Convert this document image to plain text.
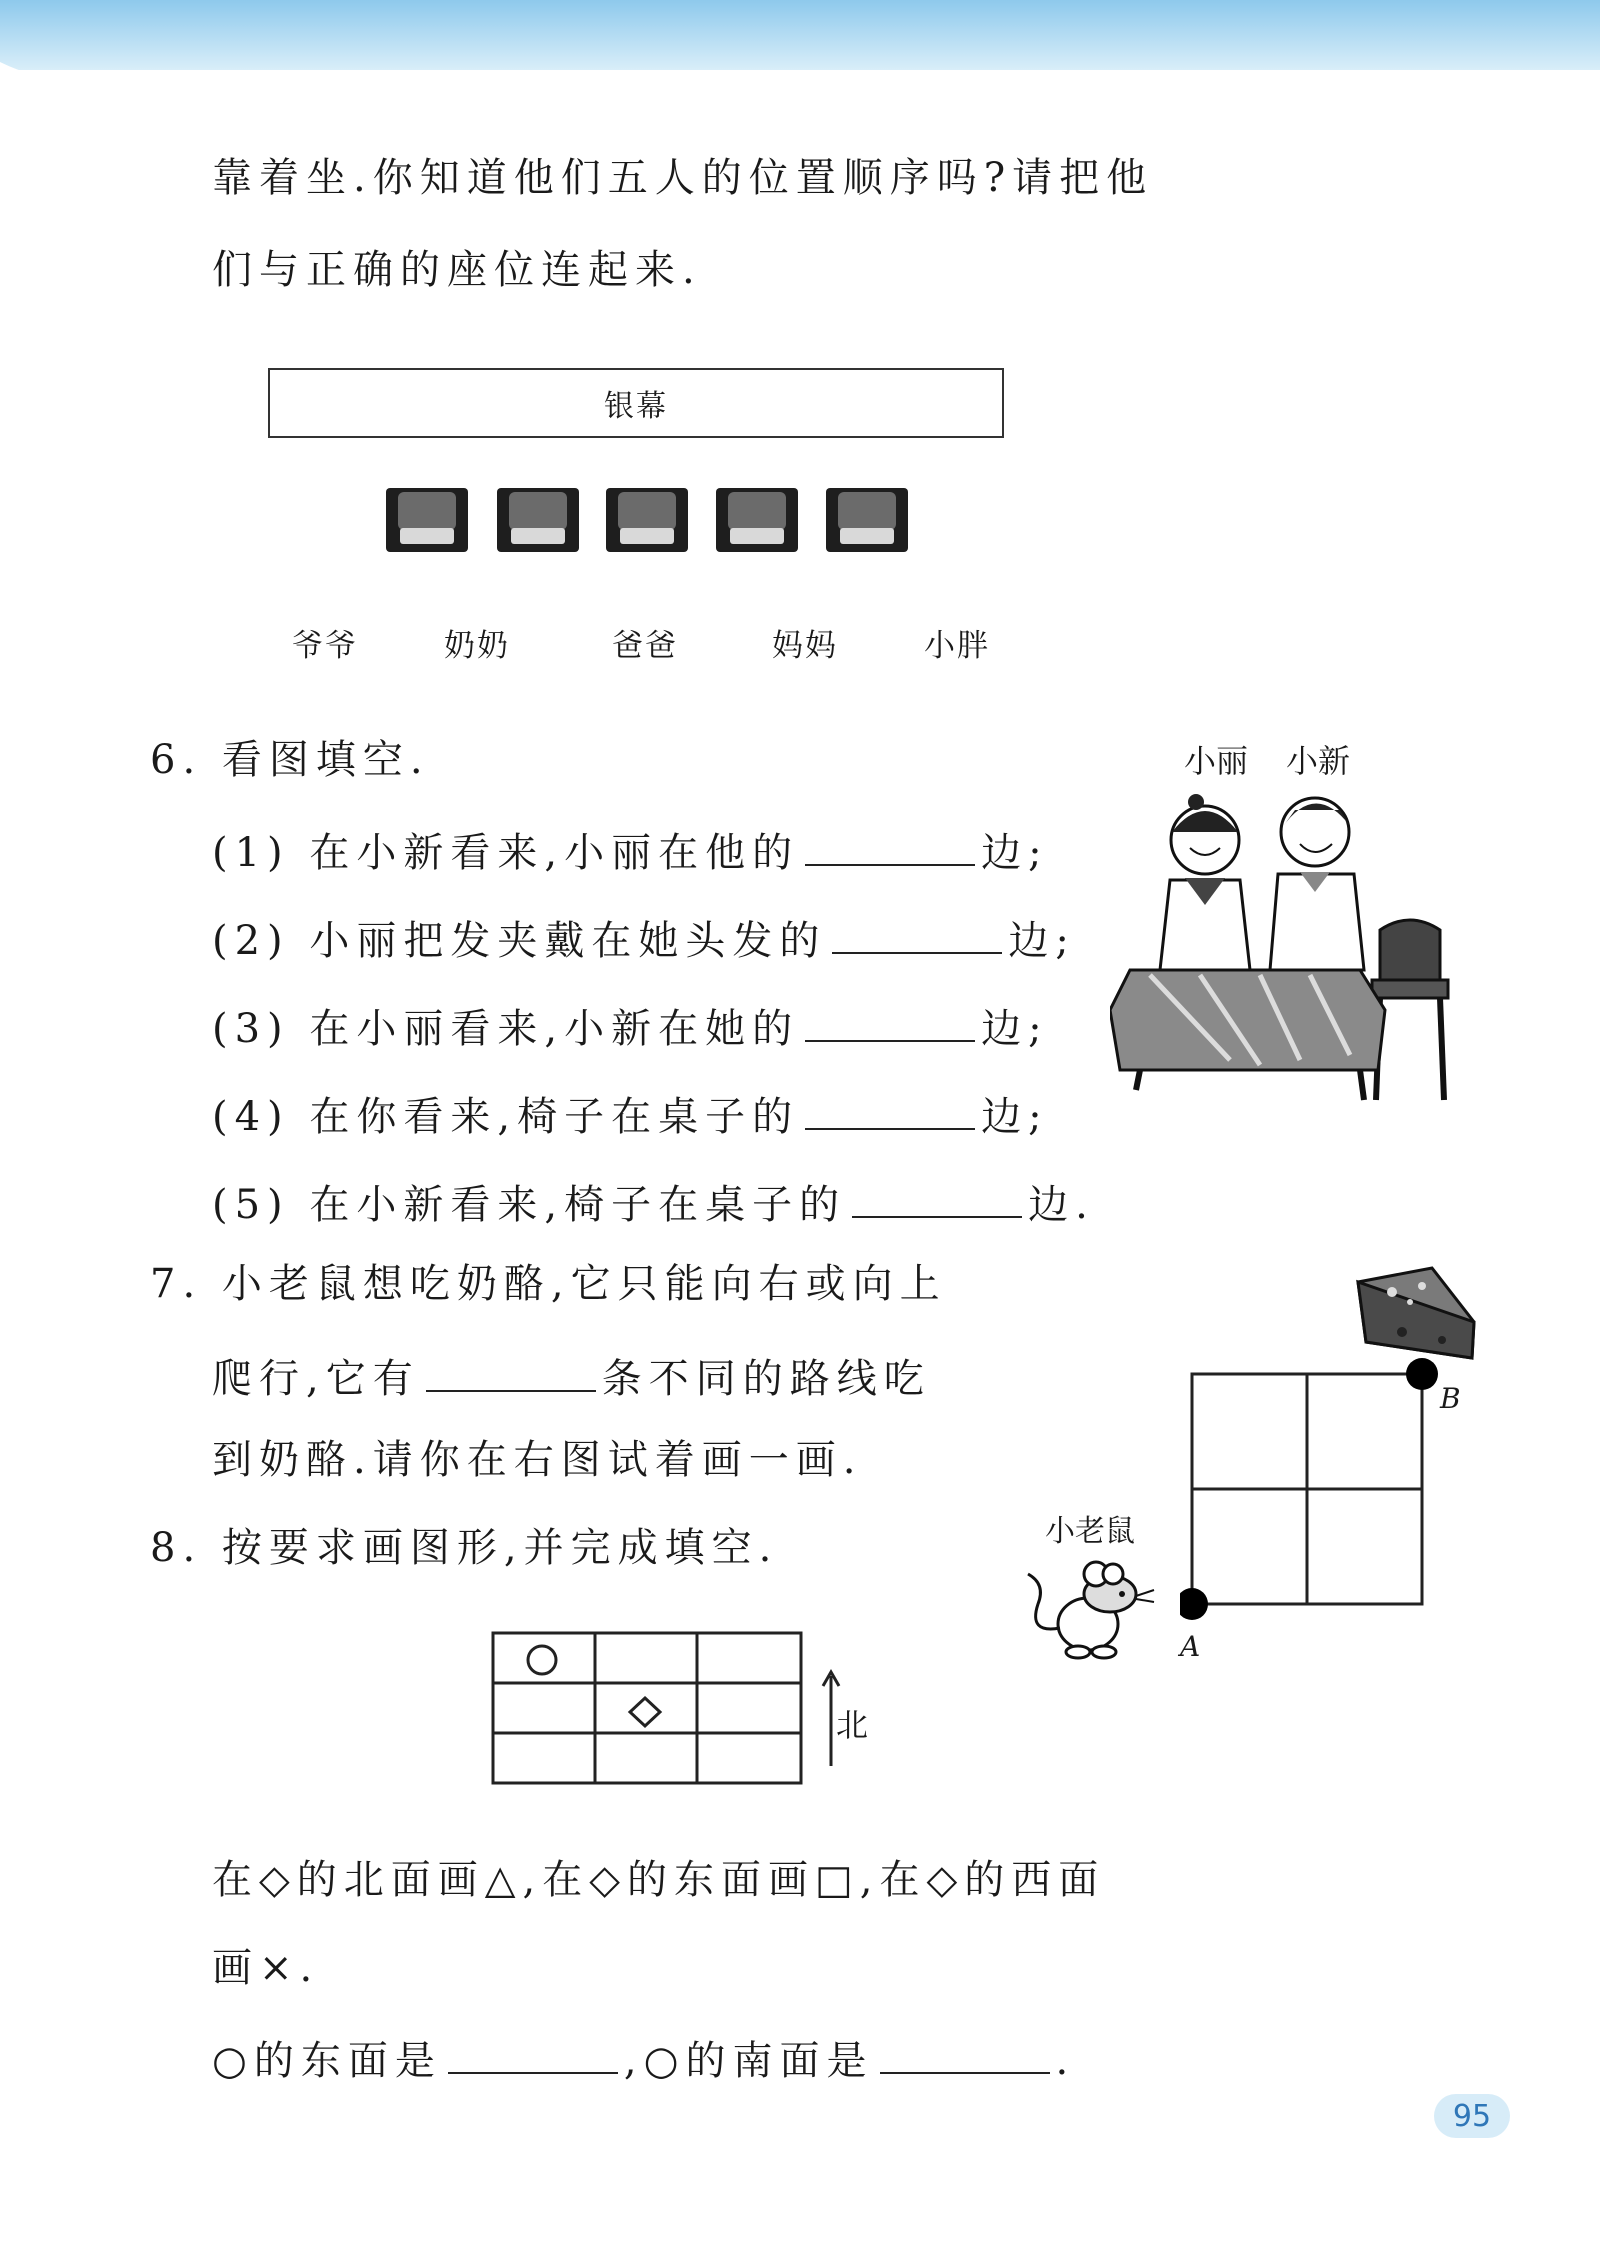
靠着坐.你知道他们五人的位置顺序吗?请把他
们与正确的座位连起来.
银幕
爷爷	奶奶	爸爸	妈妈	小胖
6. 看图填空.
(1) 在小新看来,小丽在他的	边;
(2) 小丽把发夹戴在她头发的	边;
(3) 在小丽看来,小新在她的	边;
(4) 在你看来,椅子在桌子的	边;
(5) 在小新看来,椅子在桌子的	边.
小丽 小新
7. 小老鼠想吃奶酪,它只能向右或向上
爬行,它有	条不同的路线吃
到奶酪.请你在右图试着画一画.
B
A
小老鼠
8. 按要求画图形,并完成填空.
北
在◇的北面画△,在◇的东面画□,在◇的西面
画×.
○的东面是	,○的南面是	.
95
